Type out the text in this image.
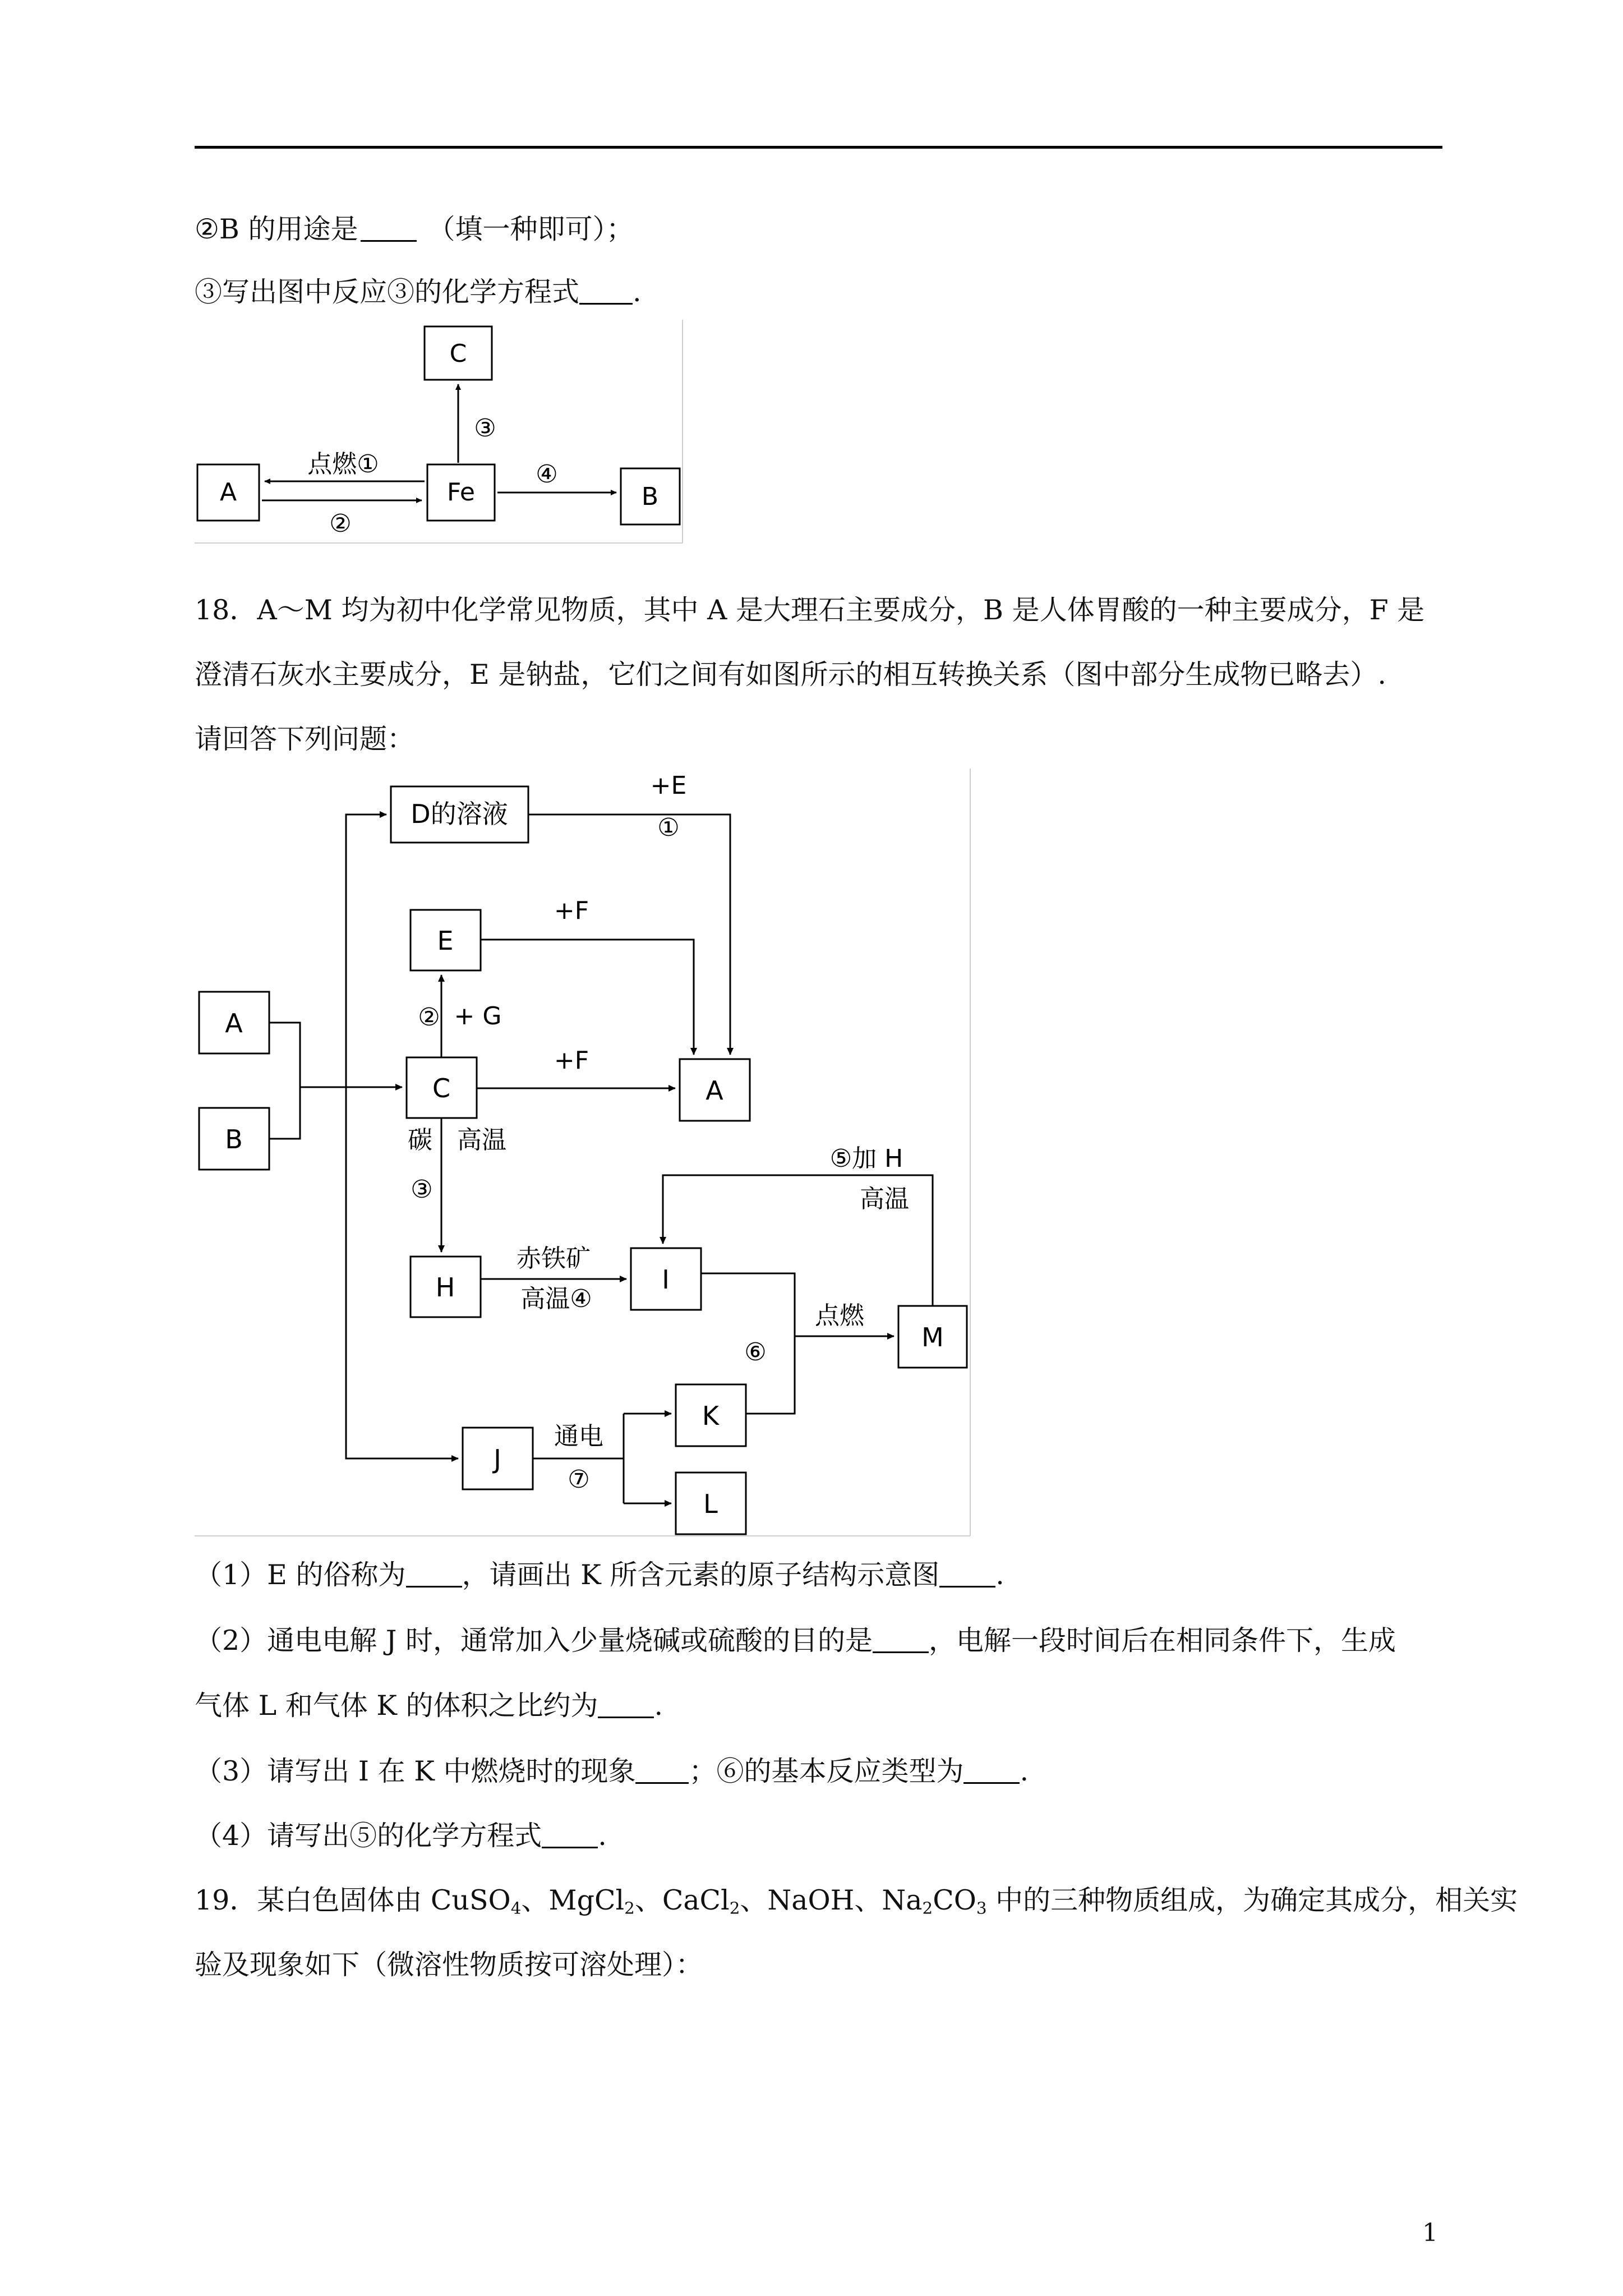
②B 的用途是	（填一种即可）；
③写出图中反应③的化学方程式 .
A	Fe	B
C
点燃①
②
③
④
18．A～M 均为初中化学常见物质，其中 A 是大理石主要成分，B 是人体胃酸的一种主要成分，F 是
澄清石灰水主要成分，E 是钠盐，它们之间有如图所示的相互转换关系（图中部分生成物已略去）.
请回答下列问题：
D的溶液
E
A
B
C	A
H	I
M
K
J
L
+E
①
+F
② + G
+F
碳 高温
③
⑤加 H
高温
赤铁矿
高温④
⑥
点燃
通电
⑦
（1）E 的俗称为 ，请画出 K 所含元素的原子结构示意图 .
（2）通电电解 J 时，通常加入少量烧碱或硫酸的目的是 ，电解一段时间后在相同条件下，生成
气体 L 和气体 K 的体积之比约为 .
（3）请写出 I 在 K 中燃烧时的现象 ；⑥的基本反应类型为 .
（4）请写出⑤的化学方程式 .
19．某白色固体由 CuSO$_4$、MgCl$_2$、CaCl$_2$、NaOH、$Na_2CO_3$ 中的三种物质组成，为确定其成分，相关实
验及现象如下（微溶性物质按可溶处理）：
1
